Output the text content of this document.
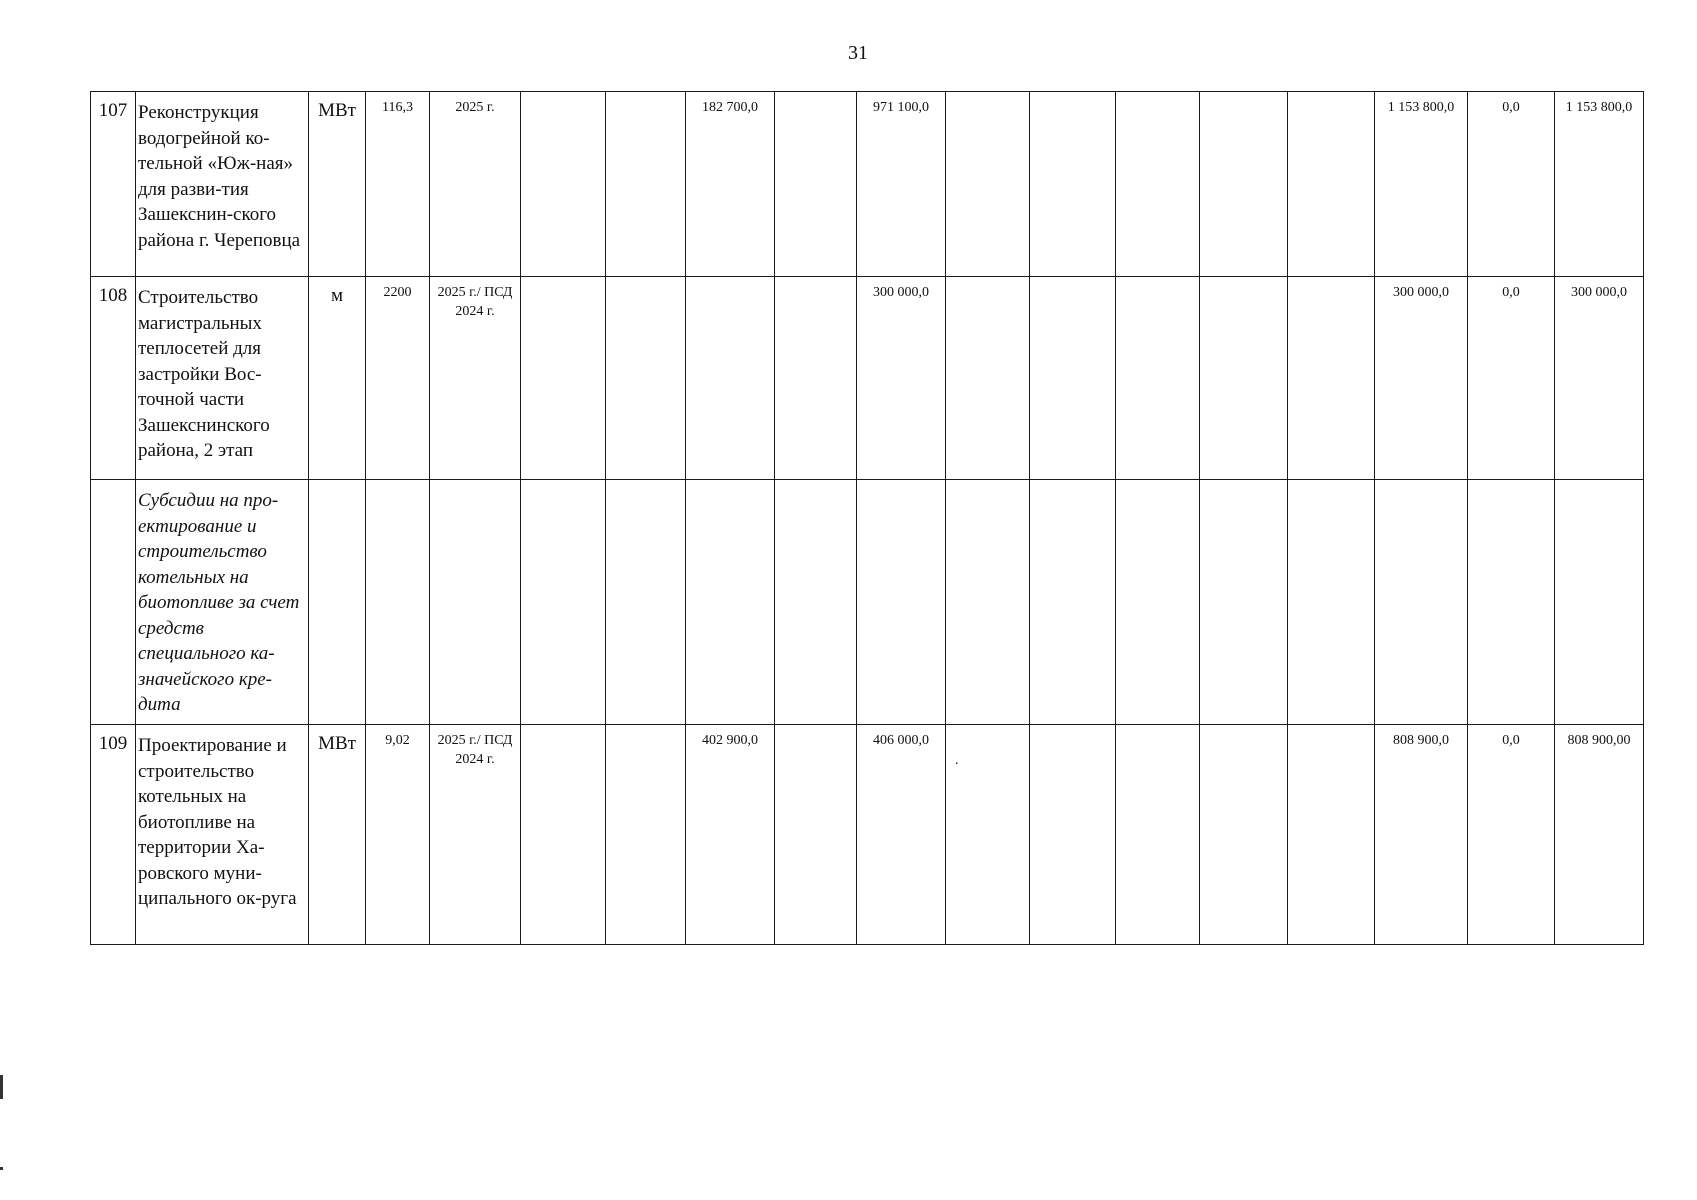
31
107	Реконструкция водогрейной ко-тельной «Юж-ная» для разви-тия Зашекснин-ского района г. Череповца	МВт	116,3	2025 г.			182 700,0		971 100,0						1 153 800,0	0,0	1 153 800,0
108	Строительство магистральных теплосетей для застройки Вос-точной части Зашекснинского района, 2 этап	м	2200	2025 г./ ПСД 2024 г.					300 000,0						300 000,0	0,0	300 000,0
	Субсидии на про-ектирование и строительство котельных на биотопливе за счет средств специального ка-значейского кре-дита																
109	Проектирование и строительство котельных на биотопливе на территории Ха-ровского муни-ципального ок-руга	МВт	9,02	2025 г./ ПСД 2024 г.			402 900,0		406 000,0						808 900,0	0,0	808 900,00
.
